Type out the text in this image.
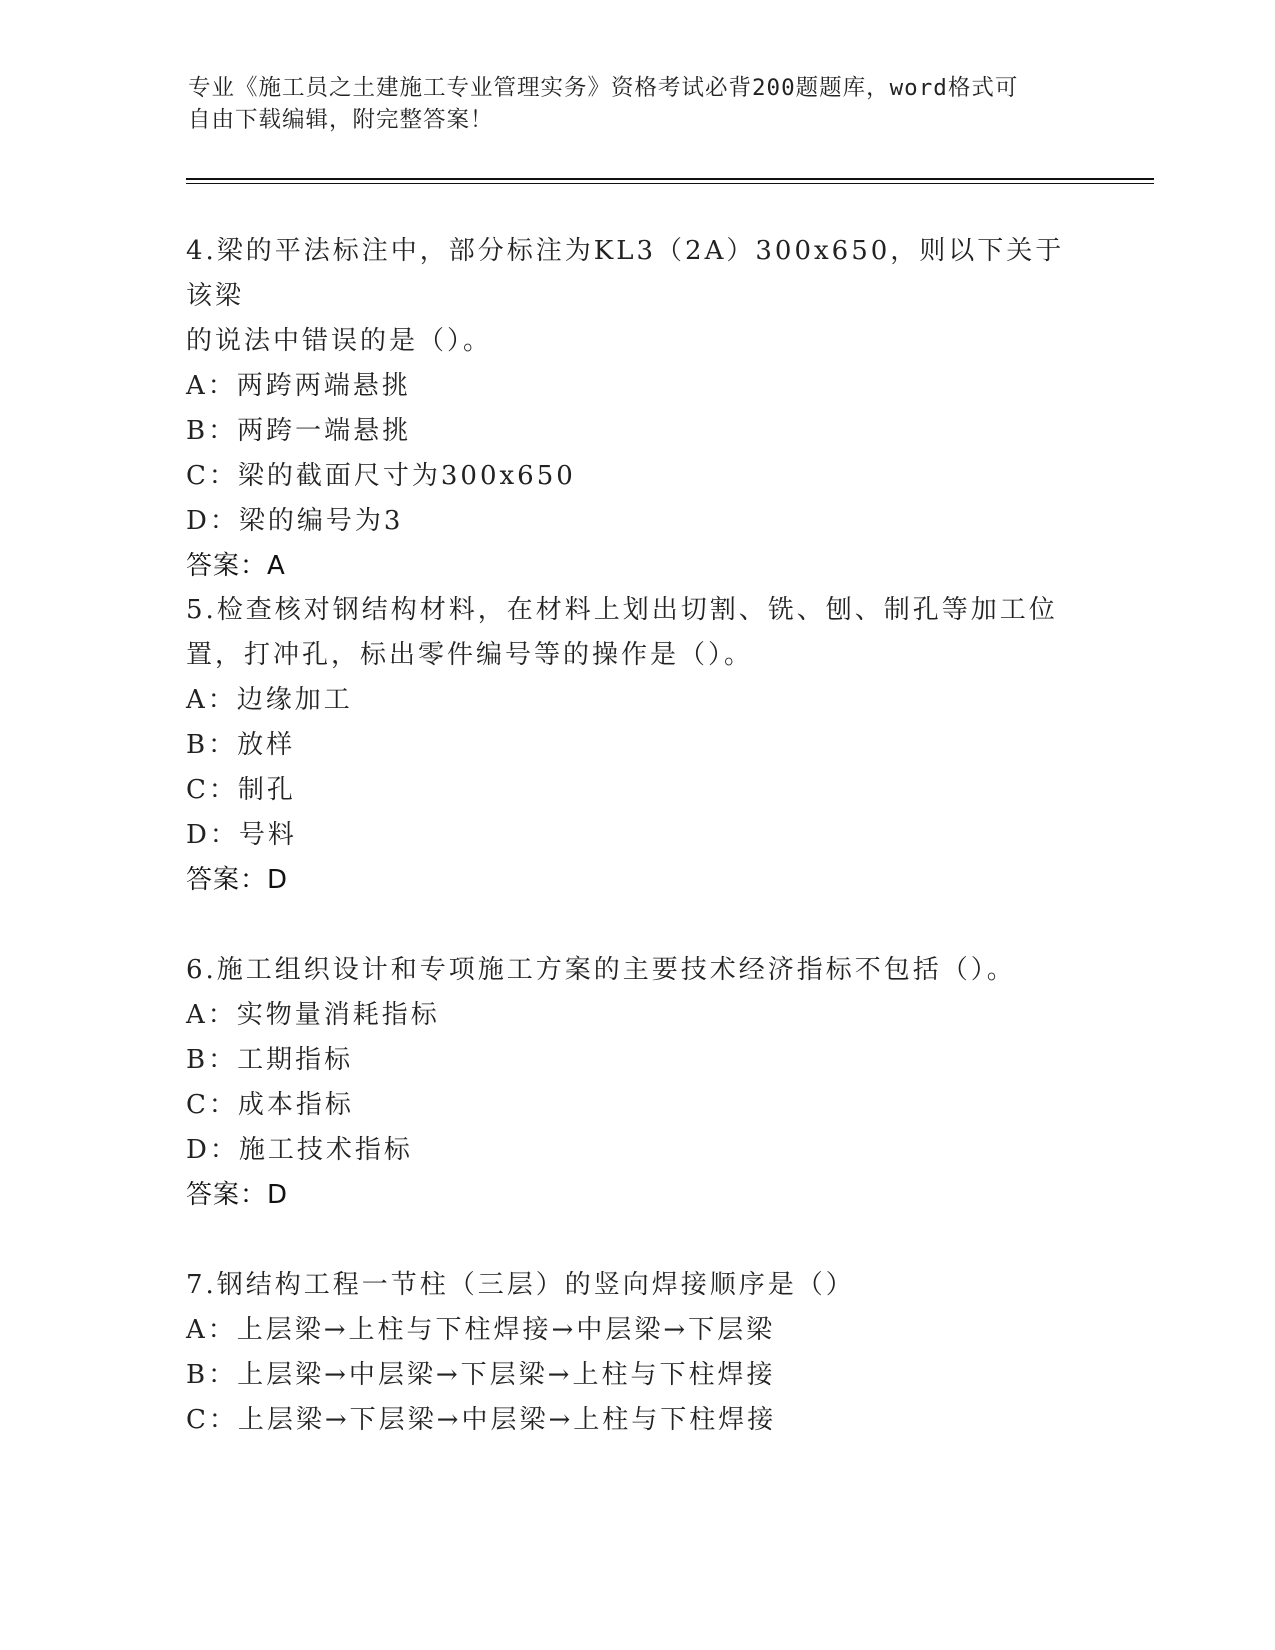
专业《施工员之土建施工专业管理实务》资格考试必背200题题库，word格式可
自由下载编辑，附完整答案！

4.梁的平法标注中，部分标注为KL3（2A）300x650，则以下关于该梁

的说法中错误的是（）。

A：两跨两端悬挑

B：两跨一端悬挑

C：梁的截面尺寸为300x650

D：梁的编号为3

答案：A

5.检查核对钢结构材料，在材料上划出切割、铣、刨、制孔等加工位

置，打冲孔，标出零件编号等的操作是（）。

A：边缘加工

B：放样

C：制孔

D：号料

答案：D

6.施工组织设计和专项施工方案的主要技术经济指标不包括（）。

A：实物量消耗指标

B：工期指标

C：成本指标

D：施工技术指标

答案：D

7.钢结构工程一节柱（三层）的竖向焊接顺序是（）

A：上层梁→上柱与下柱焊接→中层梁→下层梁

B：上层梁→中层梁→下层梁→上柱与下柱焊接

C：上层梁→下层梁→中层梁→上柱与下柱焊接
